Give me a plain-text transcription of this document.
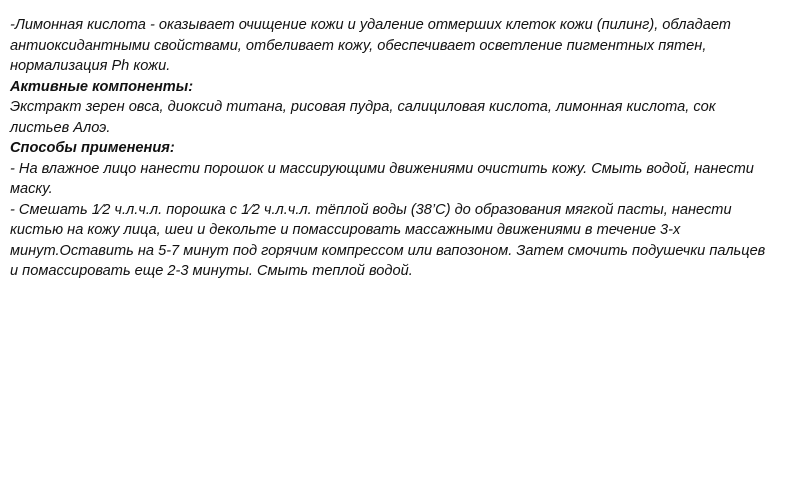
-Лимонная кислота - оказывает очищение кожи и удаление отмерших клеток кожи (пилинг), обладает
антиоксидантными свойствами, отбеливает кожу, обеспечивает осветление пигментных пятен,
нормализация Ph кожи.
Активные компоненты:
Экстракт зерен овса, диоксид титана, рисовая пудра, салициловая кислота, лимонная кислота, сок
листьев Алоэ.
Способы применения:
- На влажное лицо нанести порошок и массирующими движениями очистить кожу. Смыть водой, нанести
маску.
- Смешать 1⁄2 ч.л.ч.л. порошка с 1⁄2 ч.л.ч.л. тёплой воды (38’С) до образования мягкой пасты, нанести
кистью на кожу лица, шеи и декольте и помассировать массажными движениями в течение 3-х
минут.Оставить на 5-7 минут под горячим компрессом или вапозоном. Затем смочить подушечки пальцев
и помассировать еще 2-3 минуты. Смыть теплой водой.
